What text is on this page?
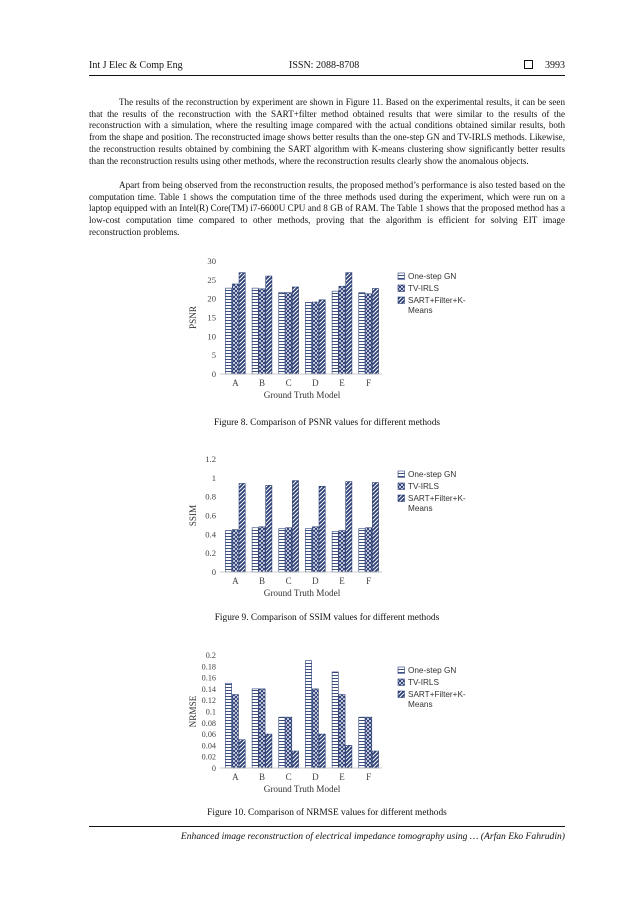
Int J Elec & Comp Eng	ISSN: 2088-8708	3993

The results of the reconstruction by experiment are shown in Figure 11. Based on the experimental results, it can be seen that the results of the reconstruction with the SART+filter method obtained results that were similar to the results of the reconstruction with a simulation, where the resulting image compared with the actual conditions obtained similar results, both from the shape and position. The reconstructed image shows better results than the one-step GN and TV-IRLS methods. Likewise, the reconstruction results obtained by combining the SART algorithm with K-means clustering show significantly better results than the reconstruction results using other methods, where the reconstruction results clearly show the anomalous objects.

Apart from being observed from the reconstruction results, the proposed method’s performance is also tested based on the computation time. Table 1 shows the computation time of the three methods used during the experiment, which were run on a laptop equipped with an Intel(R) Core(TM) i7-6600U CPU and 8 GB of RAM. The Table 1 shows that the proposed method has a low-cost computation time compared to other methods, proving that the algorithm is efficient for solving EIT image reconstruction problems.

0
5
10
15
20
25
30
PSNR
A B C D E F
Ground Truth Model
One-step GN
TV-IRLS
SART+Filter+K-Means
Figure 8. Comparison of PSNR values for different methods
0
0.2
0.4
0.6
0.8
1
1.2
SSIM
A B C D E F
Ground Truth Model
One-step GN
TV-IRLS
SART+Filter+K-Means
Figure 9. Comparison of SSIM values for different methods
0
0.02
0.04
0.06
0.08
0.1
0.12
0.14
0.16
0.18
0.2
NRMSE
A B C D E F
Ground Truth Model
One-step GN
TV-IRLS
SART+Filter+K-Means
Figure 10. Comparison of NRMSE values for different methods
Enhanced image reconstruction of electrical impedance tomography using … (Arfan Eko Fahrudin)
